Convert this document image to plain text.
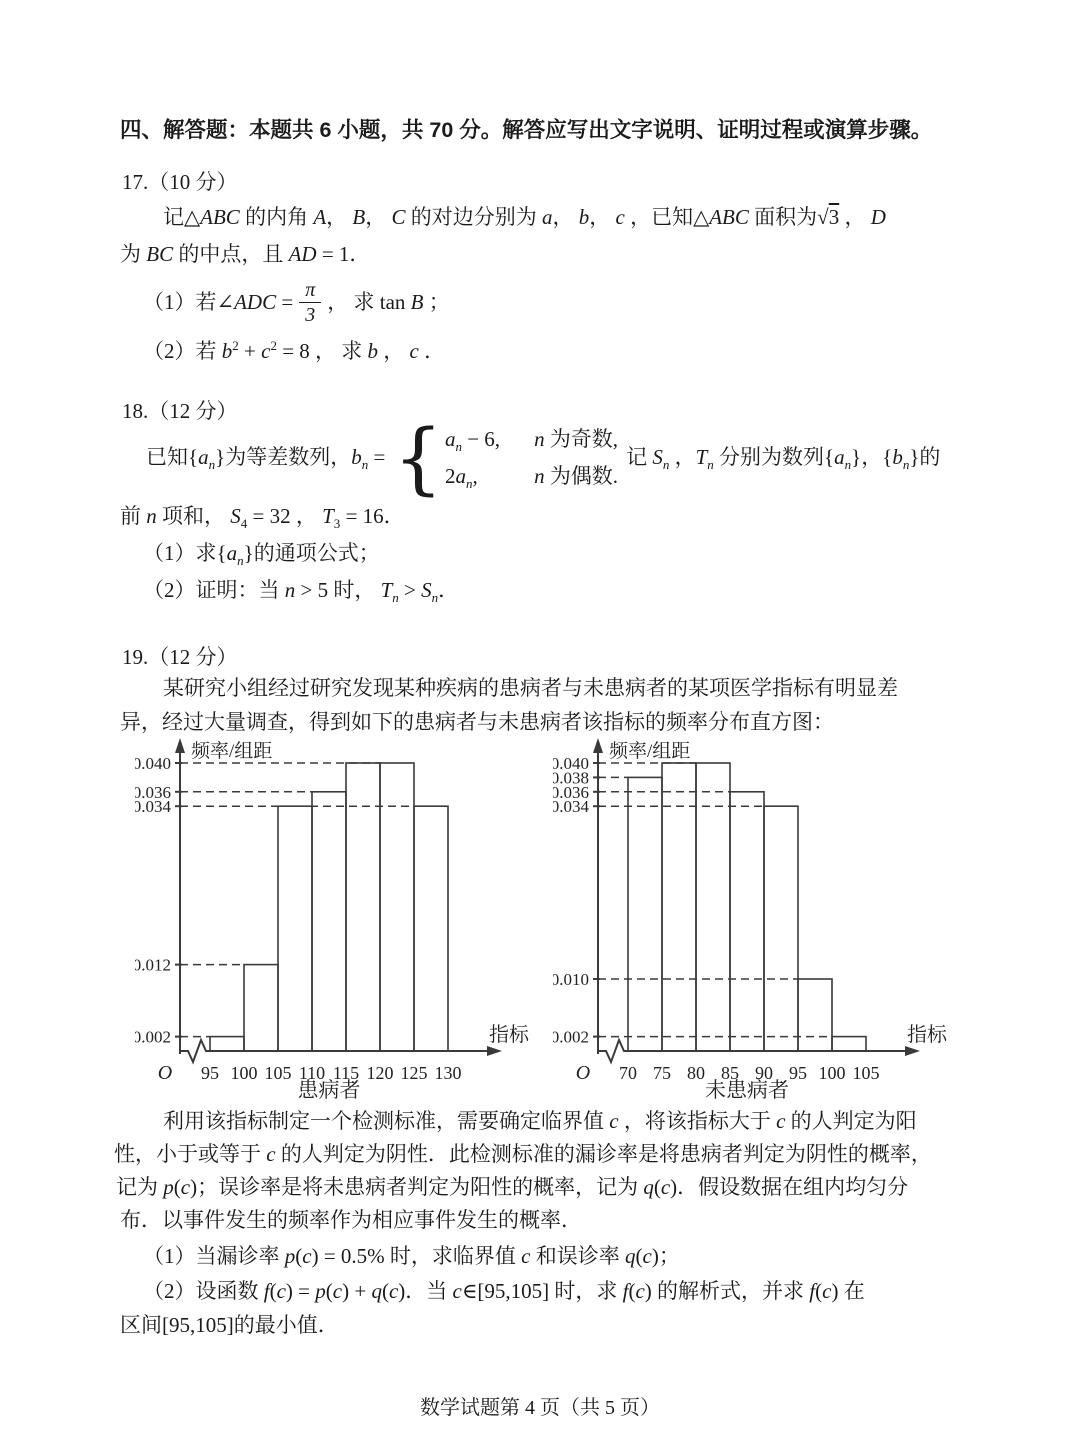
四、解答题：本题共 6 小题，共 70 分。解答应写出文字说明、证明过程或演算步骤。
17.（10 分）
记△ABC 的内角 A， B， C 的对边分别为 a， b， c ，已知△ABC 面积为√3 ， D
为 BC 的中点，且 AD = 1．
（1）若∠ADC = $\frac{\pi}{3}$ ， 求 tan B ；
（2）若 $b^2 + c^2 = 8$ ， 求 b ， c ．
18.（12 分）
已知$\{a_n\}$为等差数列，$b_n$ = { $a_n - 6$, n 为奇数,
$2a_n$,	n 为偶数.
记 $S_n$ ，$T_n$ 分别为数列$\{a_n\}$，$\{b_n\}$的
前 n 项和， $S_4 = 32$ ， $T_3 = 16$．
（1）求$\{a_n\}$的通项公式；
（2）证明：当 n > 5 时， $T_n > S_n$．
19.（12 分）
某研究小组经过研究发现某种疾病的患病者与未患病者的某项医学指标有明显差
异，经过大量调查，得到如下的患病者与未患病者该指标的频率分布直方图：
0.040
0.036
0.034
0.012
0.002
频率/组距
指标
O 95 100 105 110 115 120 125 130
患病者
0.040
0.038
0.036
0.034
0.010
0.002
频率/组距
指标
O 70 75 80 85 90 95 100 105
未患病者
利用该指标制定一个检测标准，需要确定临界值 c ，将该指标大于 c 的人判定为阳
性，小于或等于 c 的人判定为阴性．此检测标准的漏诊率是将患病者判定为阴性的概率，
记为 p(c)；误诊率是将未患病者判定为阳性的概率，记为 q(c)．假设数据在组内均匀分
布．以事件发生的频率作为相应事件发生的概率．
（1）当漏诊率 p(c) = 0.5% 时，求临界值 c 和误诊率 q(c)；
（2）设函数 f(c) = p(c) + q(c)．当 c∈[95,105] 时，求 f(c) 的解析式，并求 f(c) 在
区间[95,105]的最小值．
数学试题第 4 页（共 5 页）
